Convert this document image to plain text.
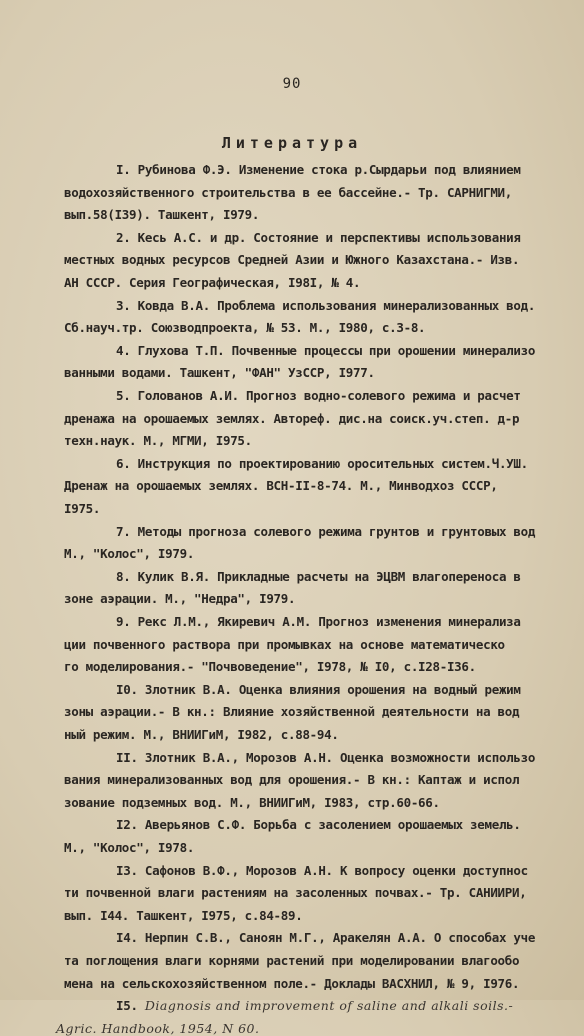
90
Литература
I. Рубинова Ф.Э. Изменение стока р.Сырдарьи под влиянием
водохозяйственного строительства в ее бассейне.- Тр. САРНИГМИ,
вып.58(I39). Ташкент, I979.
2. Кесь А.С. и др. Состояние и перспективы использования
местных водных ресурсов Средней Азии и Южного Казахстана.- Изв.
АН СССР. Серия Географическая, I98I, № 4.
3. Ковда В.А. Проблема использования минерализованных вод.
Сб.науч.тр. Союзводпроекта, № 53. М., I980, с.3-8.
4. Глухова Т.П. Почвенные процессы при орошении минерализо
ванными водами. Ташкент, "ФАН" УзССР, I977.
5. Голованов А.И. Прогноз водно-солевого режима и расчет
дренажа на орошаемых землях. Автореф. дис.на соиск.уч.степ. д-р
техн.наук. М., МГМИ, I975.
6. Инструкция по проектированию оросительных систем.Ч.УШ.
Дренаж на орошаемых землях. ВСН-II-8-74. М., Минводхоз СССР,
I975.
7. Методы прогноза солевого режима грунтов и грунтовых вод
М., "Колос", I979.
8. Кулик В.Я. Прикладные расчеты на ЭЦВМ влагопереноса в
зоне аэрации. М., "Недра", I979.
9. Рекс Л.М., Якиревич А.М. Прогноз изменения минерализа
ции почвенного раствора при промывках на основе математическо
го моделирования.- "Почвоведение", I978, № I0, с.I28-I36.
I0. Злотник В.А. Оценка влияния орошения на водный режим
зоны аэрации.- В кн.: Влияние хозяйственной деятельности на вод
ный режим. М., ВНИИГиМ, I982, с.88-94.
II. Злотник В.А., Морозов А.Н. Оценка возможности использо
вания минерализованных вод для орошения.- В кн.: Каптаж и испол
зование подземных вод. М., ВНИИГиМ, I983, стр.60-66.
I2. Аверьянов С.Ф. Борьба с засолением орошаемых земель.
М., "Колос", I978.
I3. Сафонов В.Ф., Морозов А.Н. К вопросу оценки доступнос
ти почвенной влаги растениям на засоленных почвах.- Тр. САНИИРИ,
вып. I44. Ташкент, I975, с.84-89.
I4. Нерпин С.В., Саноян М.Г., Аракелян А.А. О способах уче
та поглощения влаги корнями растений при моделировании влагообо
мена на сельскохозяйственном поле.- Доклады ВАСХНИЛ, № 9, I976.
I5. Diagnosis and improvement of saline and alkali soils.-
Agric. Handbook, 1954, N 60.
